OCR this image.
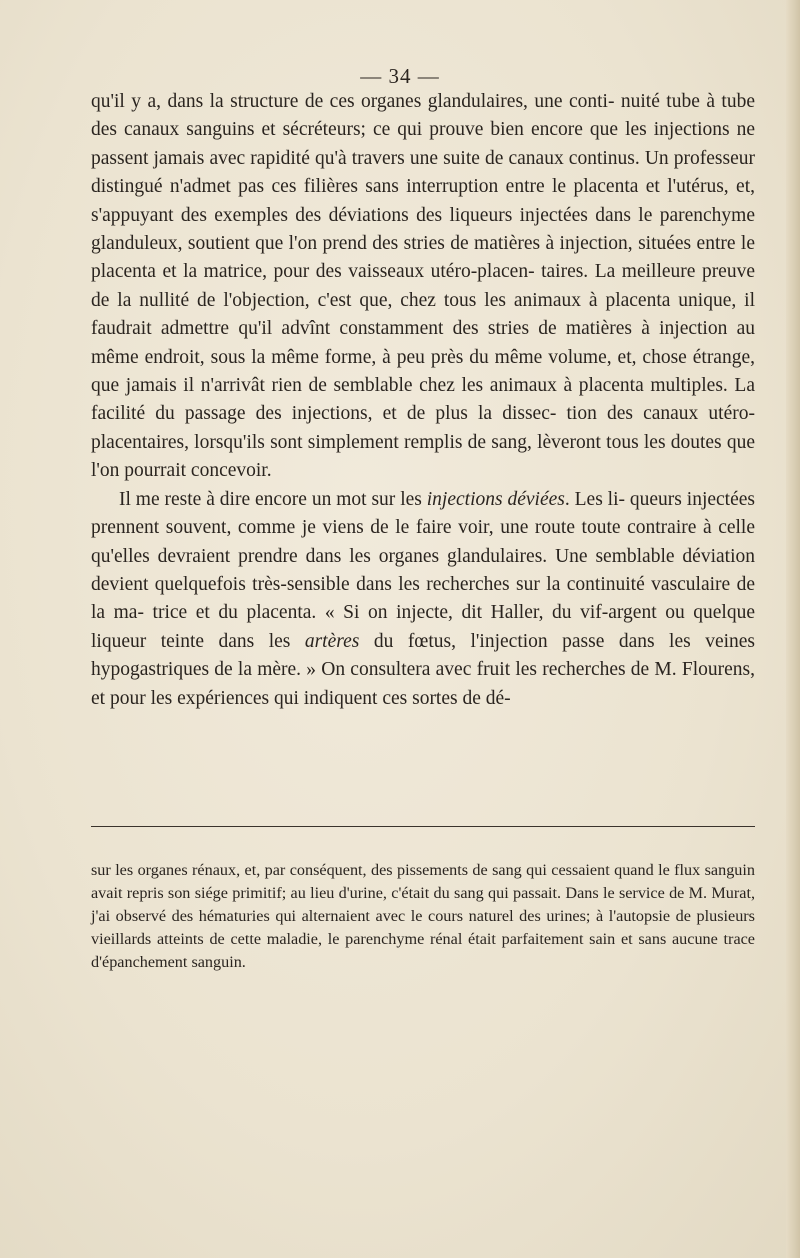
— 34 —

qu'il y a, dans la structure de ces organes glandulaires, une conti- nuité tube à tube des canaux sanguins et sécréteurs; ce qui prouve bien encore que les injections ne passent jamais avec rapidité qu'à travers une suite de canaux continus. Un professeur distingué n'admet pas ces filières sans interruption entre le placenta et l'utérus, et, s'appuyant des exemples des déviations des liqueurs injectées dans le parenchyme glanduleux, soutient que l'on prend des stries de matières à injection, situées entre le placenta et la matrice, pour des vaisseaux utéro-placen- taires. La meilleure preuve de la nullité de l'objection, c'est que, chez tous les animaux à placenta unique, il faudrait admettre qu'il advînt constamment des stries de matières à injection au même endroit, sous la même forme, à peu près du même volume, et, chose étrange, que jamais il n'arrivât rien de semblable chez les animaux à placenta multiples. La facilité du passage des injections, et de plus la dissec- tion des canaux utéro-placentaires, lorsqu'ils sont simplement remplis de sang, lèveront tous les doutes que l'on pourrait concevoir.

Il me reste à dire encore un mot sur les injections déviées. Les li- queurs injectées prennent souvent, comme je viens de le faire voir, une route toute contraire à celle qu'elles devraient prendre dans les organes glandulaires. Une semblable déviation devient quelquefois très-sensible dans les recherches sur la continuité vasculaire de la ma- trice et du placenta. « Si on injecte, dit Haller, du vif-argent ou quelque liqueur teinte dans les artères du fœtus, l'injection passe dans les veines hypogastriques de la mère. » On consultera avec fruit les recherches de M. Flourens, et pour les expériences qui indiquent ces sortes de dé-

sur les organes rénaux, et, par conséquent, des pissements de sang qui cessaient quand le flux sanguin avait repris son siége primitif; au lieu d'urine, c'était du sang qui passait. Dans le service de M. Murat, j'ai observé des hématuries qui alternaient avec le cours naturel des urines; à l'autopsie de plusieurs vieillards atteints de cette maladie, le parenchyme rénal était parfaitement sain et sans aucune trace d'épanchement sanguin.
